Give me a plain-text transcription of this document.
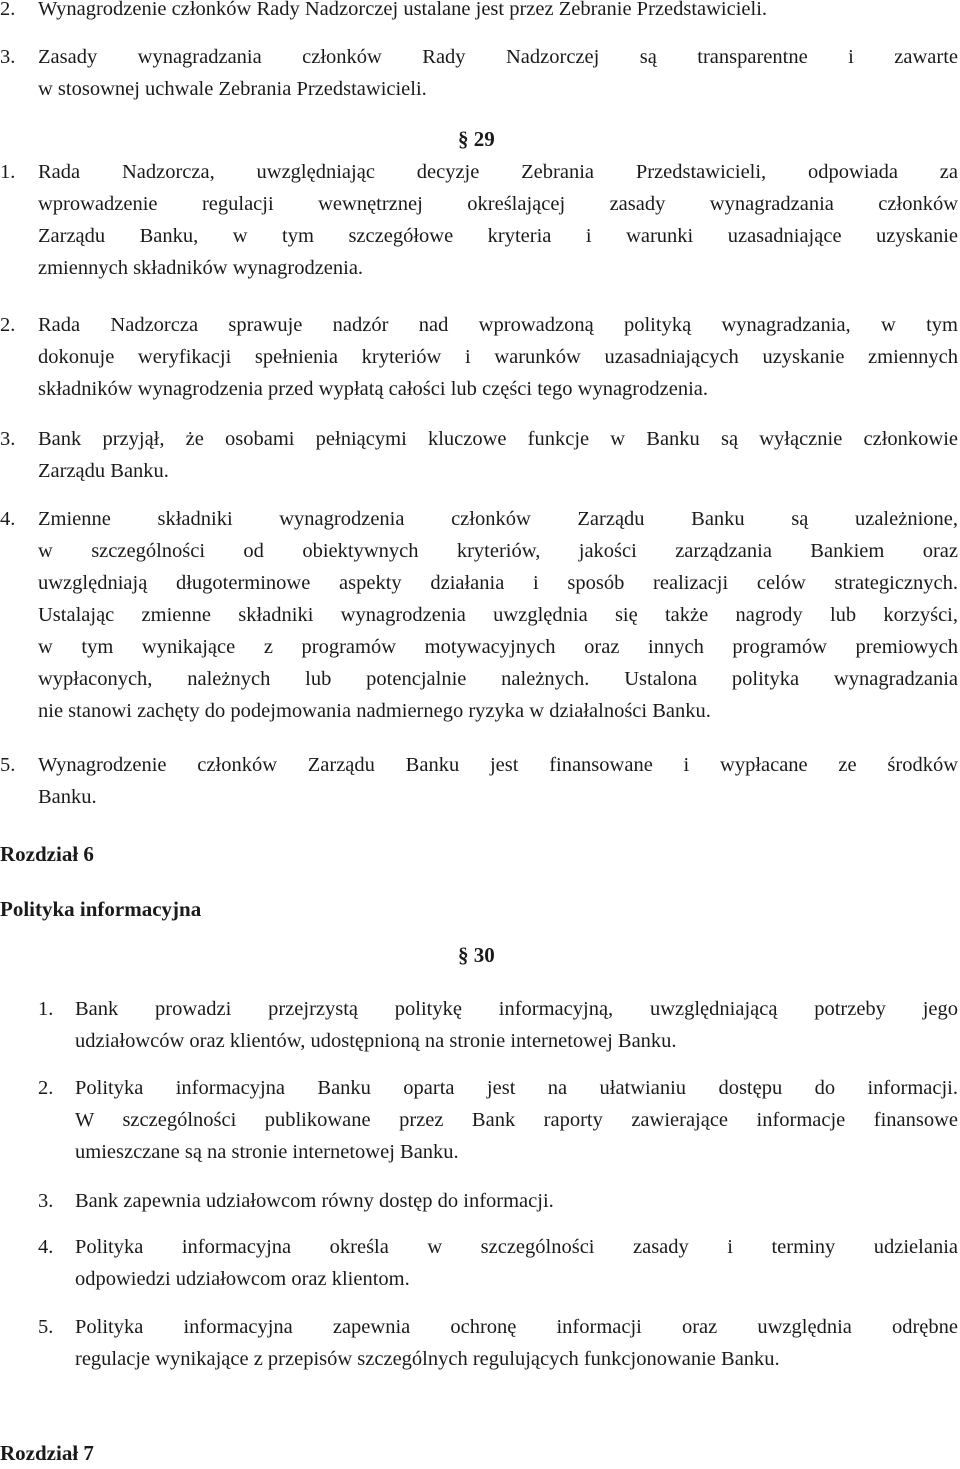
2. Wynagrodzenie członków Rady Nadzorczej ustalane jest przez Zebranie Przedstawicieli.
3. Zasady wynagradzania członków Rady Nadzorczej są transparentne i zawarte
w stosownej uchwale Zebrania Przedstawicieli.
§ 29
1. Rada Nadzorcza, uwzględniając decyzje Zebrania Przedstawicieli, odpowiada za
wprowadzenie regulacji wewnętrznej określającej zasady wynagradzania członków
Zarządu Banku, w tym szczegółowe kryteria i warunki uzasadniające uzyskanie
zmiennych składników wynagrodzenia.
2. Rada Nadzorcza sprawuje nadzór nad wprowadzoną polityką wynagradzania, w tym
dokonuje weryfikacji spełnienia kryteriów i warunków uzasadniających uzyskanie zmiennych
składników wynagrodzenia przed wypłatą całości lub części tego wynagrodzenia.
3. Bank przyjął, że osobami pełniącymi kluczowe funkcje w Banku są wyłącznie członkowie
Zarządu Banku.
4. Zmienne składniki wynagrodzenia członków Zarządu Banku są uzależnione,
w szczególności od obiektywnych kryteriów, jakości zarządzania Bankiem oraz
uwzględniają długoterminowe aspekty działania i sposób realizacji celów strategicznych.
Ustalając zmienne składniki wynagrodzenia uwzględnia się także nagrody lub korzyści,
w tym wynikające z programów motywacyjnych oraz innych programów premiowych
wypłaconych, należnych lub potencjalnie należnych. Ustalona polityka wynagradzania
nie stanowi zachęty do podejmowania nadmiernego ryzyka w działalności Banku.
5. Wynagrodzenie członków Zarządu Banku jest finansowane i wypłacane ze środków
Banku.
Rozdział 6
Polityka informacyjna
§ 30
1. Bank prowadzi przejrzystą politykę informacyjną, uwzględniającą potrzeby jego
udziałowców oraz klientów, udostępnioną na stronie internetowej Banku.
2. Polityka informacyjna Banku oparta jest na ułatwianiu dostępu do informacji.
W szczególności publikowane przez Bank raporty zawierające informacje finansowe
umieszczane są na stronie internetowej Banku.
3. Bank zapewnia udziałowcom równy dostęp do informacji.
4. Polityka informacyjna określa w szczególności zasady i terminy udzielania
odpowiedzi udziałowcom oraz klientom.
5. Polityka informacyjna zapewnia ochronę informacji oraz uwzględnia odrębne
regulacje wynikające z przepisów szczególnych regulujących funkcjonowanie Banku.
Rozdział 7
